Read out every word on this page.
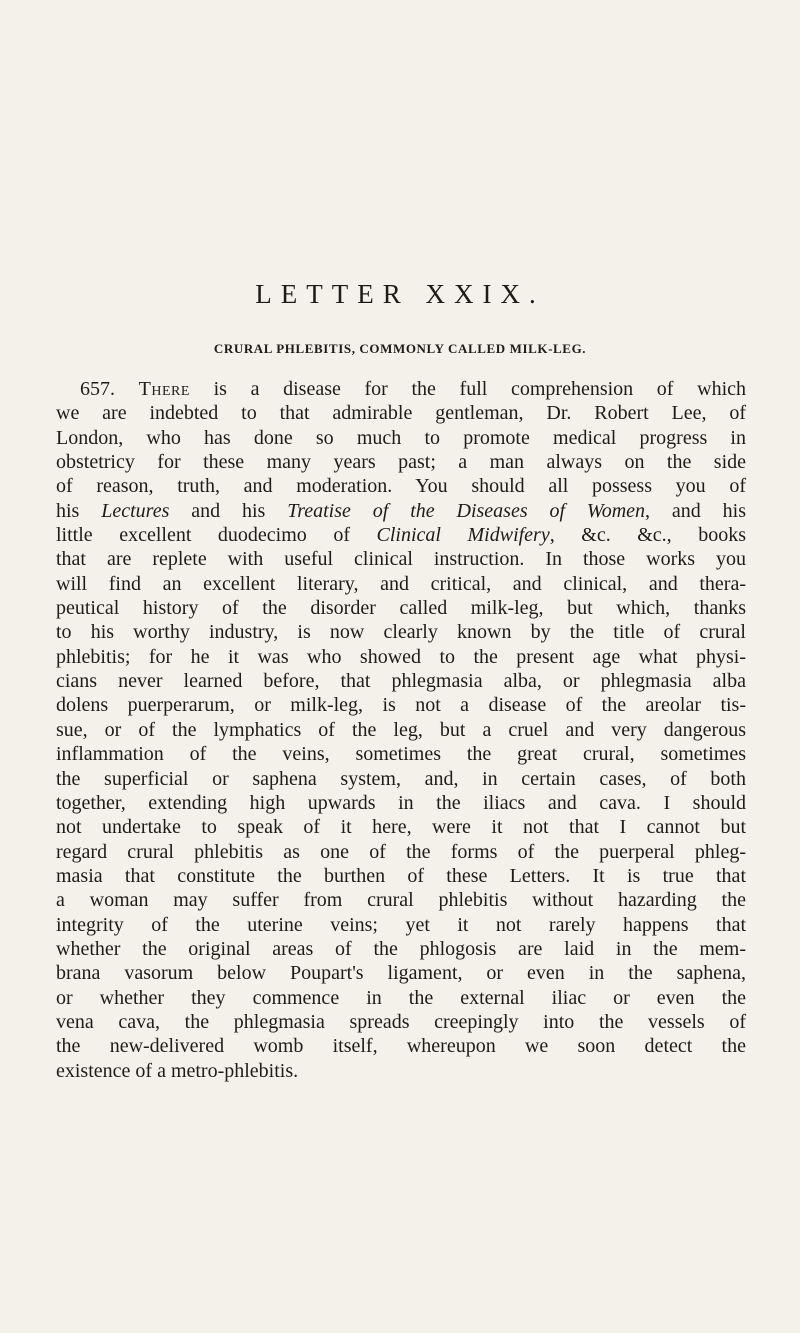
LETTER XXIX.
CRURAL PHLEBITIS, COMMONLY CALLED MILK-LEG.
657. There is a disease for the full comprehension of which
we are indebted to that admirable gentleman, Dr. Robert Lee, of
London, who has done so much to promote medical progress in
obstetricy for these many years past; a man always on the side
of reason, truth, and moderation. You should all possess you of
his Lectures and his Treatise of the Diseases of Women, and his
little excellent duodecimo of Clinical Midwifery, &c. &c., books
that are replete with useful clinical instruction. In those works you
will find an excellent literary, and critical, and clinical, and thera-
peutical history of the disorder called milk-leg, but which, thanks
to his worthy industry, is now clearly known by the title of crural
phlebitis; for he it was who showed to the present age what physi-
cians never learned before, that phlegmasia alba, or phlegmasia alba
dolens puerperarum, or milk-leg, is not a disease of the areolar tis-
sue, or of the lymphatics of the leg, but a cruel and very dangerous
inflammation of the veins, sometimes the great crural, sometimes
the superficial or saphena system, and, in certain cases, of both
together, extending high upwards in the iliacs and cava. I should
not undertake to speak of it here, were it not that I cannot but
regard crural phlebitis as one of the forms of the puerperal phleg-
masia that constitute the burthen of these Letters. It is true that
a woman may suffer from crural phlebitis without hazarding the
integrity of the uterine veins; yet it not rarely happens that
whether the original areas of the phlogosis are laid in the mem-
brana vasorum below Poupart's ligament, or even in the saphena,
or whether they commence in the external iliac or even the
vena cava, the phlegmasia spreads creepingly into the vessels of
the new-delivered womb itself, whereupon we soon detect the
existence of a metro-phlebitis.
